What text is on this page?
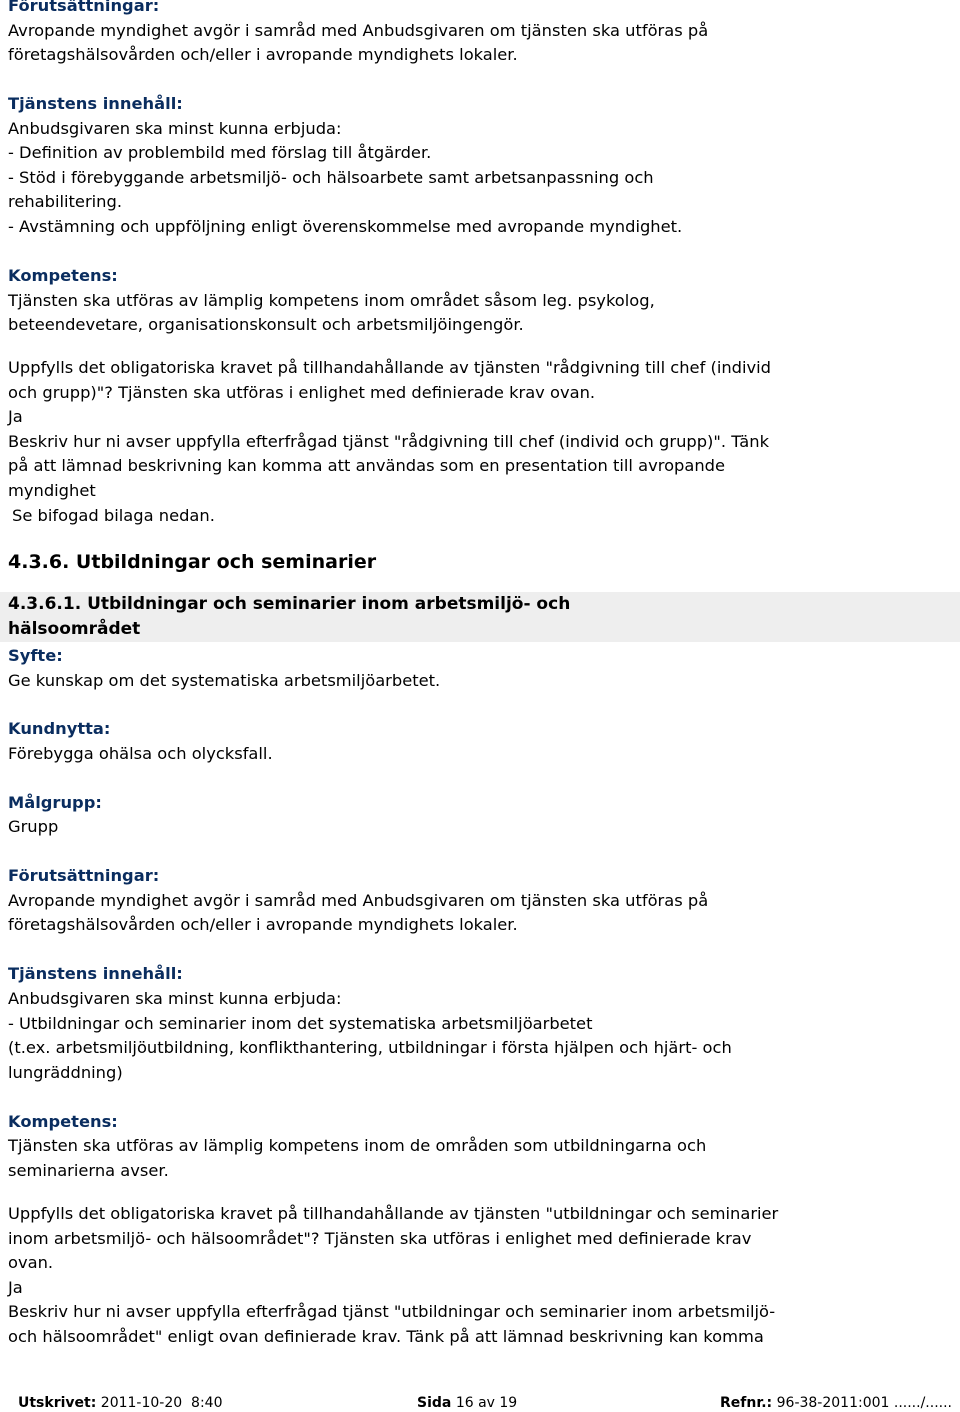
Förutsättningar:
Avropande myndighet avgör i samråd med Anbudsgivaren om tjänsten ska utföras på
företagshälsovården och/eller i avropande myndighets lokaler.
Tjänstens innehåll:
Anbudsgivaren ska minst kunna erbjuda:
- Definition av problembild med förslag till åtgärder.
- Stöd i förebyggande arbetsmiljö- och hälsoarbete samt arbetsanpassning och
rehabilitering.
- Avstämning och uppföljning enligt överenskommelse med avropande myndighet.
Kompetens:
Tjänsten ska utföras av lämplig kompetens inom området såsom leg. psykolog,
beteendevetare, organisationskonsult och arbetsmiljöingengör.
Uppfylls det obligatoriska kravet på tillhandahållande av tjänsten "rådgivning till chef (individ
och grupp)"? Tjänsten ska utföras i enlighet med definierade krav ovan.
Ja
Beskriv hur ni avser uppfylla efterfrågad tjänst "rådgivning till chef (individ och grupp)". Tänk
på att lämnad beskrivning kan komma att användas som en presentation till avropande
myndighet
Se bifogad bilaga nedan.
4.3.6. Utbildningar och seminarier
4.3.6.1. Utbildningar och seminarier inom arbetsmiljö- och
hälsoområdet
Syfte:
Ge kunskap om det systematiska arbetsmiljöarbetet.
Kundnytta:
Förebygga ohälsa och olycksfall.
Målgrupp:
Grupp
Förutsättningar:
Avropande myndighet avgör i samråd med Anbudsgivaren om tjänsten ska utföras på
företagshälsovården och/eller i avropande myndighets lokaler.
Tjänstens innehåll:
Anbudsgivaren ska minst kunna erbjuda:
- Utbildningar och seminarier inom det systematiska arbetsmiljöarbetet
(t.ex. arbetsmiljöutbildning, konflikthantering, utbildningar i första hjälpen och hjärt- och
lungräddning)
Kompetens:
Tjänsten ska utföras av lämplig kompetens inom de områden som utbildningarna och
seminarierna avser.
Uppfylls det obligatoriska kravet på tillhandahållande av tjänsten "utbildningar och seminarier
inom arbetsmiljö- och hälsoområdet"? Tjänsten ska utföras i enlighet med definierade krav
ovan.
Ja
Beskriv hur ni avser uppfylla efterfrågad tjänst "utbildningar och seminarier inom arbetsmiljö-
och hälsoområdet" enligt ovan definierade krav. Tänk på att lämnad beskrivning kan komma
Utskrivet: 2011-10-20  8:40	Sida 16 av 19	Refnr.: 96-38-2011:001 ....../......
